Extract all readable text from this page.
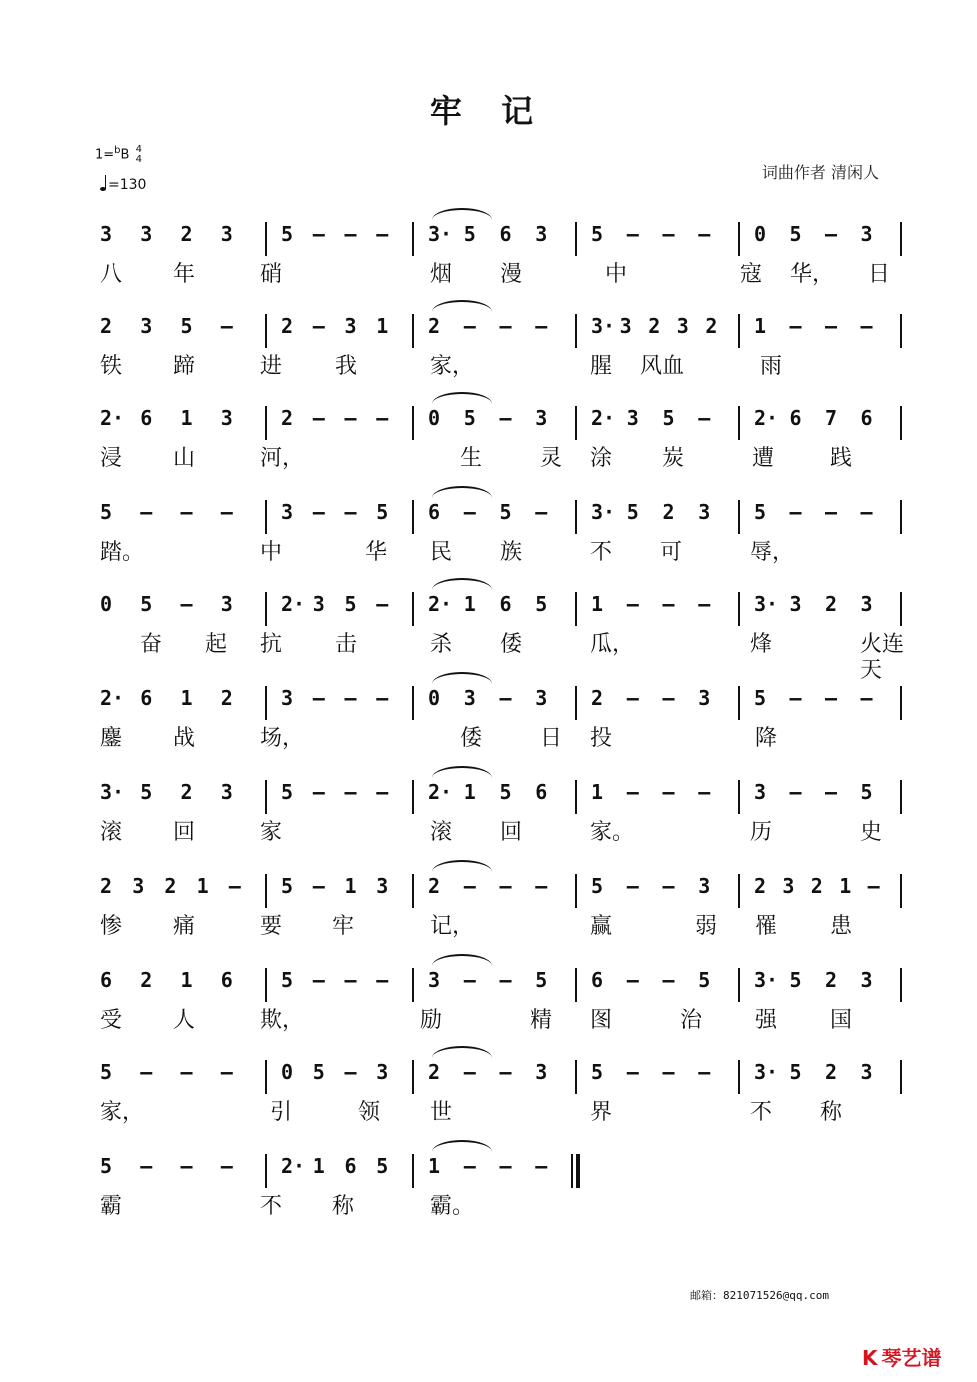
牢 记
1=$^b$B 4
4
=130
词曲作者 清闲人
3 3 2 3 5 – – – 3· 5 6 3 5 – – – 0 5 – 3
八 年	硝	烟 漫	中	华， 日
寇
2 3 5 – 2 – 3 1 2 – – – 3· 3 2 3 2 1 – – –
铁 蹄	进 我	家，	腥 风血	雨
2· 6 1 3 2 – – – 0 5 – 3 2· 3 5 – 2· 6 7 6
浸 山	河，	生	灵 涂 炭	遭	践
5 – – – 3 – – 5 6 – 5 – 3· 5 2 3 5 – – –
踏。	中	华 民 族	不 可	辱，
0 5 – 3 2· 3 5 – 2· 1 6 5 1 – – – 3· 3 2 3
奋 起 抗 击	杀 倭	瓜，	烽	火连天
2· 6 1 2 3 – – – 0 3 – 3 2 – – 3 5 – – –
鏖 战	场，	倭	日 投	降
3· 5 2 3 5 – – – 2· 1 5 6 1 – – – 3 – – 5
滚 回	家	滚 回	家。	历	史
2 3 2 1 – 5 – 1 3 2 – – – 5 – – 3 2 3 2 1 –
惨 痛	要 牢	记，	赢	弱 罹 患
6 2 1 6 5 – – – 3 – – 5 6 – – 5 3· 5 2 3
受 人	欺，	励	精 图	治 强 国
5 – – – 0 5 – 3 2 – – 3 5 – – – 3· 5 2 3
家，	引	领 世	界	不 称
5 – – – 2· 1 6 5 1 – – –
霸	不 称	霸。
邮箱：821071526@qq.com
K 琴艺谱
